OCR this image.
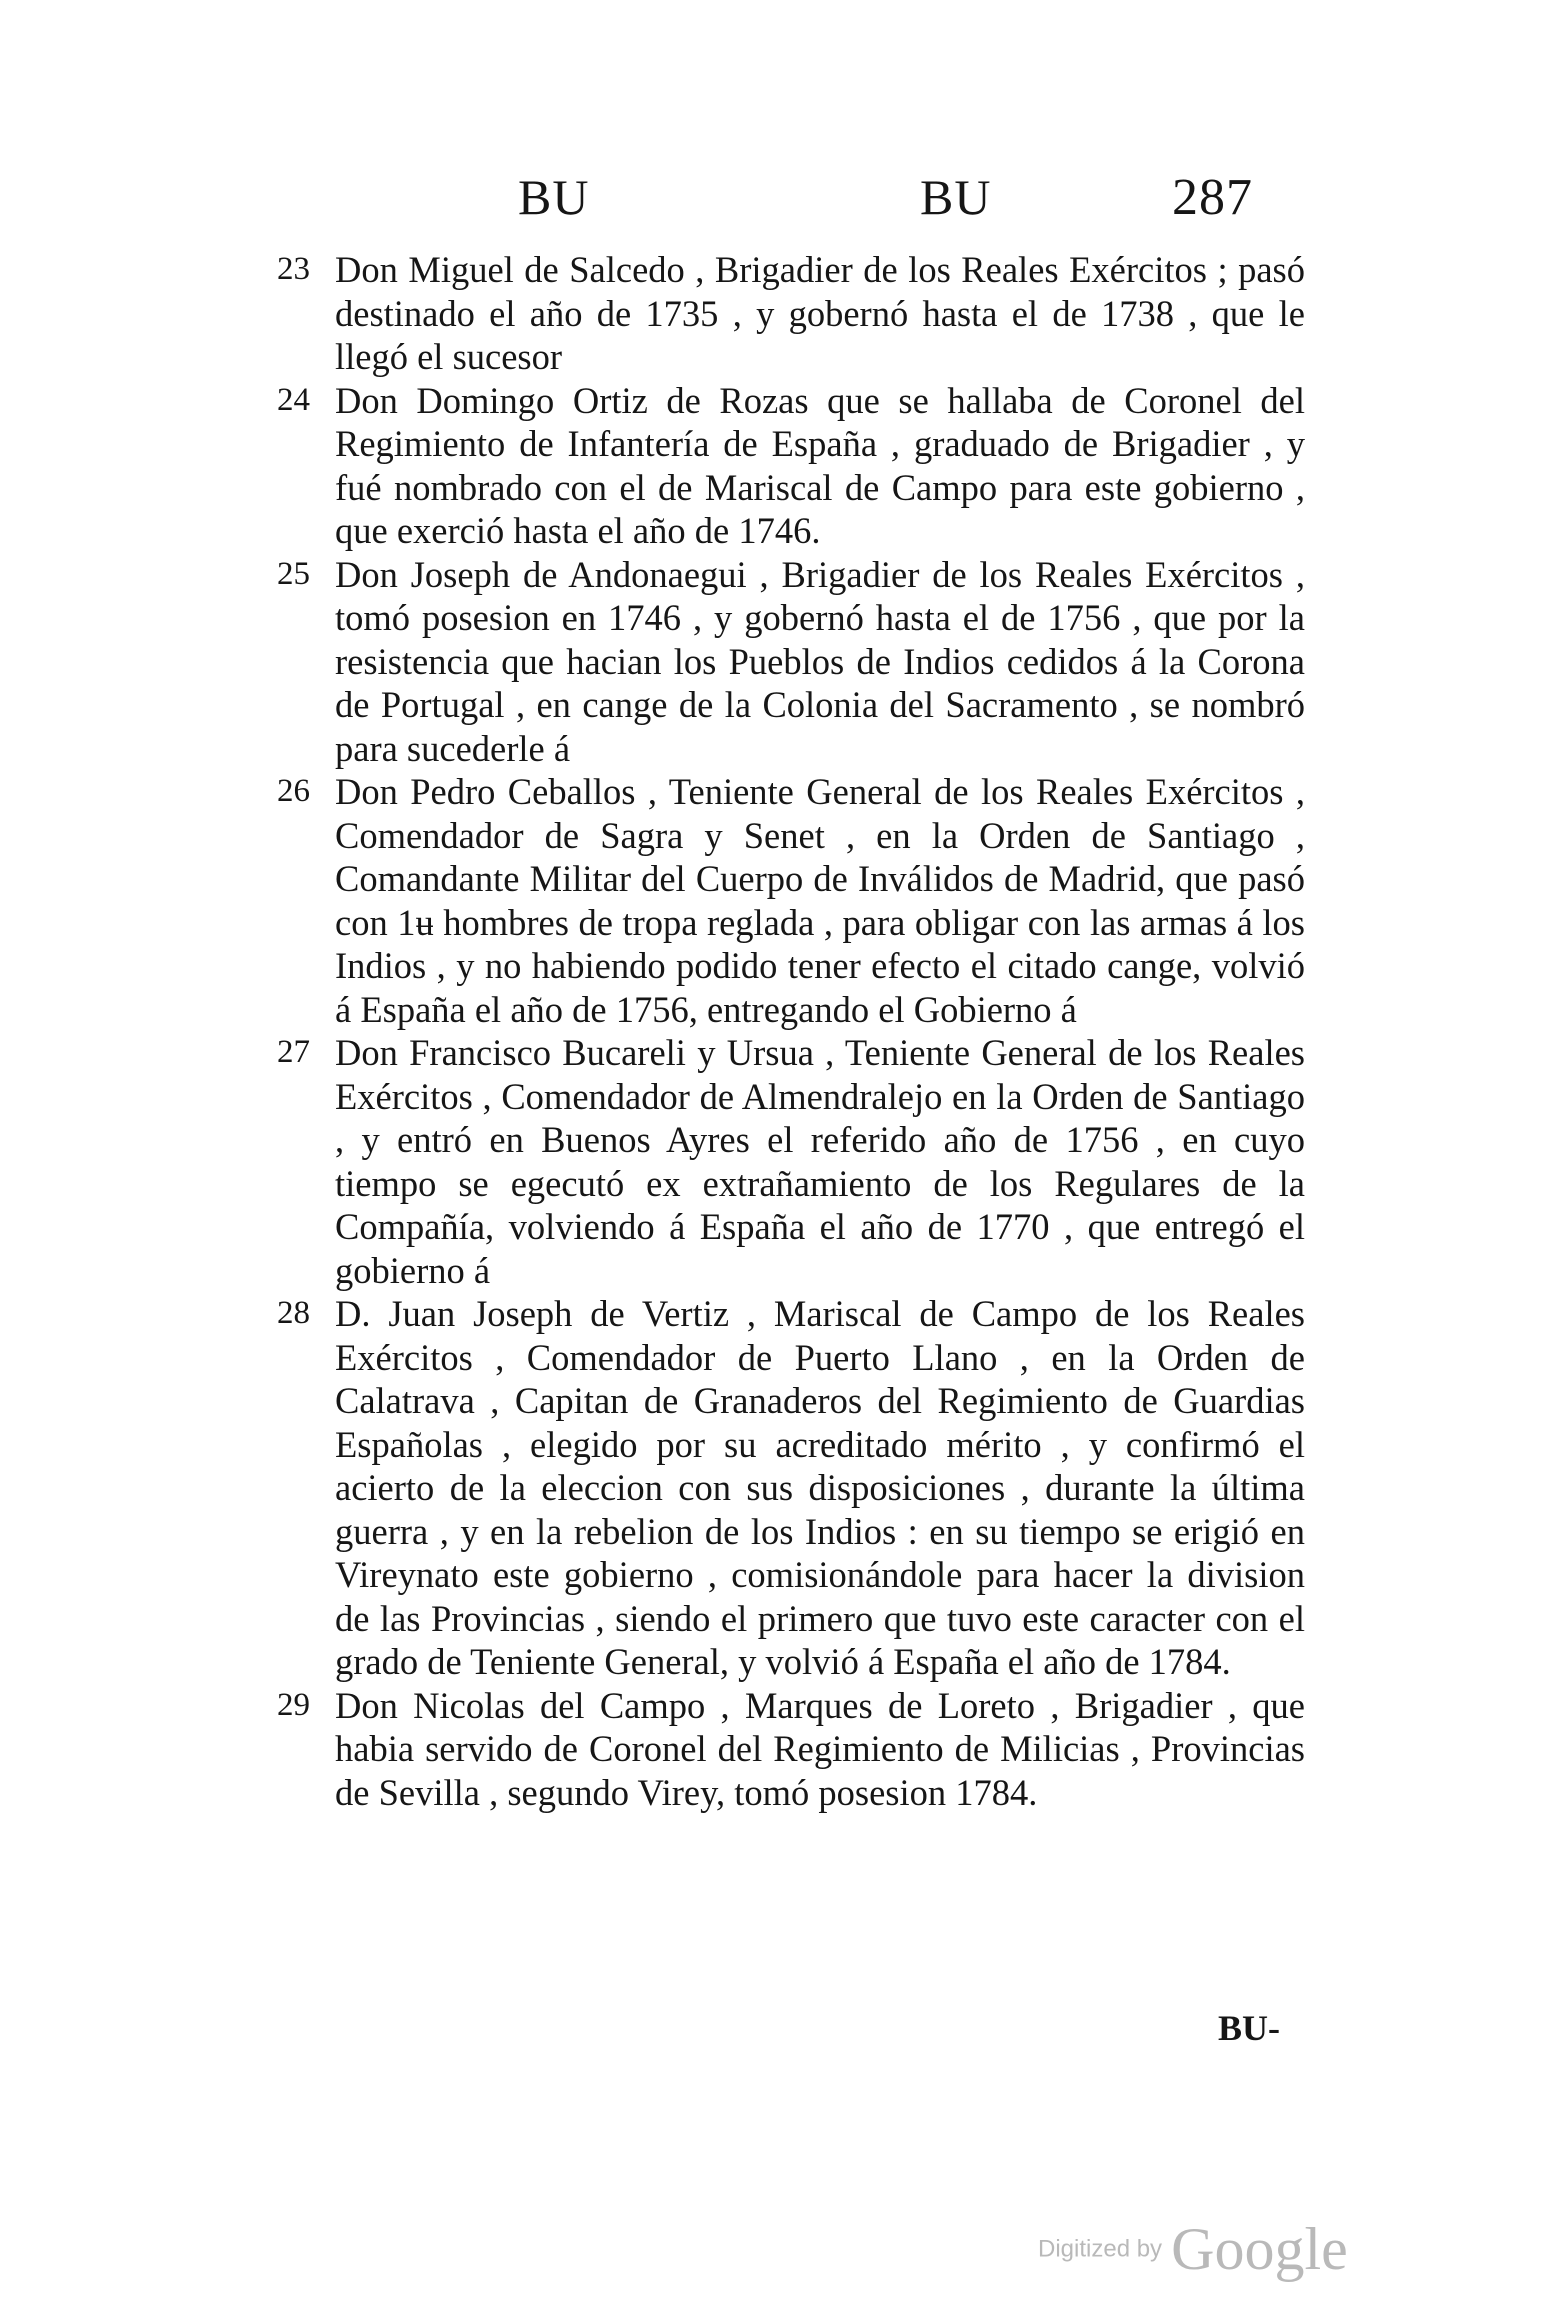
BU	BU	287
23 Don Miguel de Salcedo , Brigadier de los Reales Exércitos ; pasó destinado el año de 1735 , y gobernó hasta el de 1738 , que le llegó el sucesor
24 Don Domingo Ortiz de Rozas que se hallaba de Coronel del Regimiento de Infantería de España , graduado de Brigadier , y fué nombrado con el de Mariscal de Campo para este gobierno , que exerció hasta el año de 1746.
25 Don Joseph de Andonaegui , Brigadier de los Reales Exércitos , tomó posesion en 1746 , y gobernó hasta el de 1756 , que por la resistencia que hacian los Pueblos de Indios cedidos á la Corona de Portugal , en cange de la Colonia del Sacramento , se nombró para sucederle á
26 Don Pedro Ceballos , Teniente General de los Reales Exércitos , Comendador de Sagra y Senet , en la Orden de Santiago , Comandante Militar del Cuerpo de Inválidos de Madrid, que pasó con 1ʉ hombres de tropa reglada , para obligar con las armas á los Indios , y no habiendo podido tener efecto el citado cange, volvió á España el año de 1756, entregando el Gobierno á
27 Don Francisco Bucareli y Ursua , Teniente General de los Reales Exércitos , Comendador de Almendralejo en la Orden de Santiago , y entró en Buenos Ayres el referido año de 1756 , en cuyo tiempo se egecutó ex extrañamiento de los Regulares de la Compañía, volviendo á España el año de 1770 , que entregó el gobierno á
28 D. Juan Joseph de Vertiz , Mariscal de Campo de los Reales Exércitos , Comendador de Puerto Llano , en la Orden de Calatrava , Capitan de Granaderos del Regimiento de Guardias Españolas , elegido por su acreditado mérito , y confirmó el acierto de la eleccion con sus disposiciones , durante la última guerra , y en la rebelion de los Indios : en su tiempo se erigió en Vireynato este gobierno , comisionándole para hacer la division de las Provincias , siendo el primero que tuvo este caracter con el grado de Teniente General, y volvió á España el año de 1784.
29 Don Nicolas del Campo , Marques de Loreto , Brigadier , que habia servido de Coronel del Regimiento de Milicias , Provincias de Sevilla , segundo Virey, tomó posesion 1784.
BU-
Digitized by Google
